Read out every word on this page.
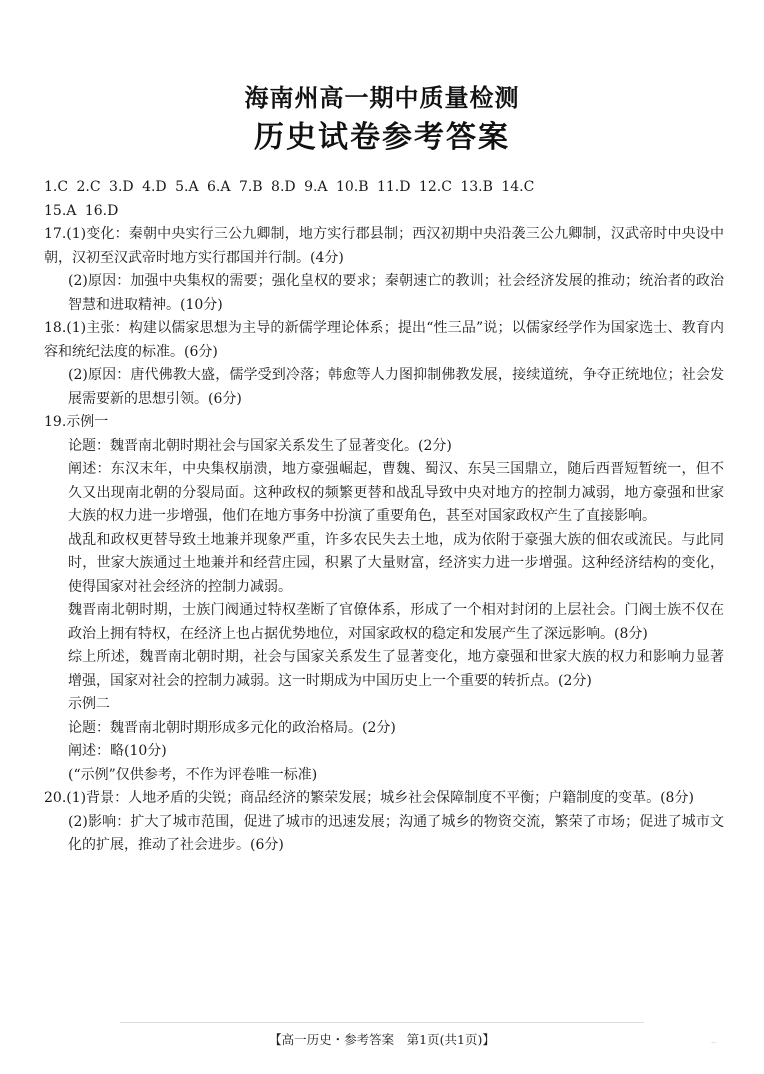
海南州高一期中质量检测
历史试卷参考答案

1.C 2.C 3.D 4.D 5.A 6.A 7.B 8.D 9.A 10.B 11.D 12.C 13.B 14.C

15.A 16.D

17.(1)变化：秦朝中央实行三公九卿制，地方实行郡县制；西汉初期中央沿袭三公九卿制，汉武帝时中央设中朝，汉初至汉武帝时地方实行郡国并行制。(4分)

(2)原因：加强中央集权的需要；强化皇权的要求；秦朝速亡的教训；社会经济发展的推动；统治者的政治智慧和进取精神。(10分)

18.(1)主张：构建以儒家思想为主导的新儒学理论体系；提出“性三品”说；以儒家经学作为国家选士、教育内容和统纪法度的标准。(6分)

(2)原因：唐代佛教大盛，儒学受到冷落；韩愈等人力图抑制佛教发展，接续道统，争夺正统地位；社会发展需要新的思想引领。(6分)

19.示例一

论题：魏晋南北朝时期社会与国家关系发生了显著变化。(2分)

阐述：东汉末年，中央集权崩溃，地方豪强崛起，曹魏、蜀汉、东吴三国鼎立，随后西晋短暂统一，但不久又出现南北朝的分裂局面。这种政权的频繁更替和战乱导致中央对地方的控制力减弱，地方豪强和世家大族的权力进一步增强，他们在地方事务中扮演了重要角色，甚至对国家政权产生了直接影响。

战乱和政权更替导致土地兼并现象严重，许多农民失去土地，成为依附于豪强大族的佃农或流民。与此同时，世家大族通过土地兼并和经营庄园，积累了大量财富，经济实力进一步增强。这种经济结构的变化，使得国家对社会经济的控制力减弱。

魏晋南北朝时期，士族门阀通过特权垄断了官僚体系，形成了一个相对封闭的上层社会。门阀士族不仅在政治上拥有特权，在经济上也占据优势地位，对国家政权的稳定和发展产生了深远影响。(8分)

综上所述，魏晋南北朝时期，社会与国家关系发生了显著变化，地方豪强和世家大族的权力和影响力显著增强，国家对社会的控制力减弱。这一时期成为中国历史上一个重要的转折点。(2分)

示例二

论题：魏晋南北朝时期形成多元化的政治格局。(2分)

阐述：略(10分)

(“示例”仅供参考，不作为评卷唯一标准)

20.(1)背景：人地矛盾的尖锐；商品经济的繁荣发展；城乡社会保障制度不平衡；户籍制度的变革。(8分)

(2)影响：扩大了城市范围，促进了城市的迅速发展；沟通了城乡的物资交流，繁荣了市场；促进了城市文化的扩展，推动了社会进步。(6分)

【高一历史・参考答案　第1页(共1页)】	..
